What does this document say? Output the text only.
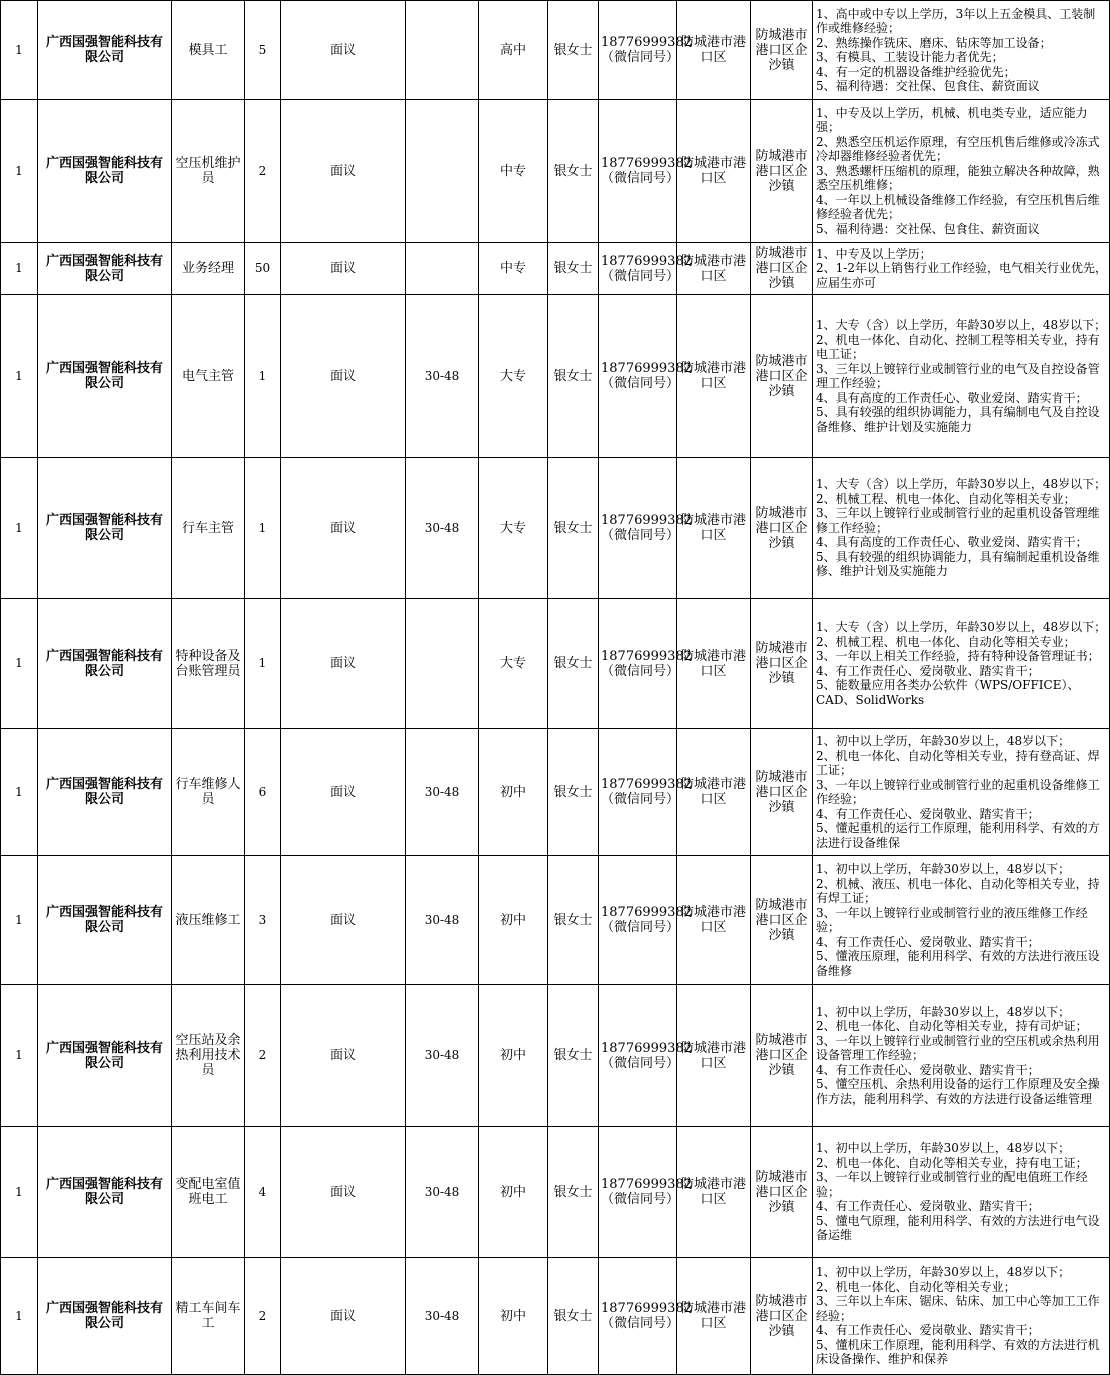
1	广西国强智能科技有限公司	模具工	5	面议		高中	银女士	18776999382（微信同号）	防城港市港口区	防城港市港口区企沙镇	1、高中或中专以上学历，3年以上五金模具、工装制作或维修经验；
2、熟练操作铣床、磨床、钻床等加工设备；
3、有模具、工装设计能力者优先；
4、有一定的机器设备维护经验优先；
5、福利待遇：交社保、包食住、薪资面议

1	广西国强智能科技有限公司	空压机维护员	2	面议		中专	银女士	18776999382（微信同号）	防城港市港口区	防城港市港口区企沙镇	1、中专及以上学历，机械、机电类专业，适应能力强；
2、熟悉空压机运作原理，有空压机售后维修或冷冻式冷却器维修经验者优先；
3、熟悉螺杆压缩机的原理，能独立解决各种故障，熟悉空压机维修；
4、一年以上机械设备维修工作经验，有空压机售后维修经验者优先；
5、福利待遇：交社保、包食住、薪资面议

1	广西国强智能科技有限公司	业务经理	50	面议		中专	银女士	18776999382（微信同号）	防城港市港口区	防城港市港口区企沙镇	1、中专及以上学历；
2、1-2年以上销售行业工作经验，电气相关行业优先，应届生亦可

1	广西国强智能科技有限公司	电气主管	1	面议	30-48	大专	银女士	18776999382（微信同号）	防城港市港口区	防城港市港口区企沙镇	1、大专（含）以上学历，年龄30岁以上，48岁以下；
2、机电一体化、自动化、控制工程等相关专业，持有电工证；
3、三年以上镀锌行业或制管行业的电气及自控设备管理工作经验；
4、具有高度的工作责任心、敬业爱岗、踏实肯干；
5、具有较强的组织协调能力，具有编制电气及自控设备维修、维护计划及实施能力

1	广西国强智能科技有限公司	行车主管	1	面议	30-48	大专	银女士	18776999382（微信同号）	防城港市港口区	防城港市港口区企沙镇	1、大专（含）以上学历，年龄30岁以上，48岁以下；
2、机械工程、机电一体化、自动化等相关专业；
3、三年以上镀锌行业或制管行业的起重机设备管理维修工作经验；
4、具有高度的工作责任心、敬业爱岗、踏实肯干；
5、具有较强的组织协调能力，具有编制起重机设备维修、维护计划及实施能力

1	广西国强智能科技有限公司	特种设备及台账管理员	1	面议		大专	银女士	18776999382（微信同号）	防城港市港口区	防城港市港口区企沙镇	1、大专（含）以上学历，年龄30岁以上，48岁以下；
2、机械工程、机电一体化、自动化等相关专业；
3、一年以上相关工作经验，持有特种设备管理证书；
4、有工作责任心、爱岗敬业、踏实肯干；
5、能数量应用各类办公软件（WPS/OFFICE）、CAD、SolidWorks

1	广西国强智能科技有限公司	行车维修人员	6	面议	30-48	初中	银女士	18776999382（微信同号）	防城港市港口区	防城港市港口区企沙镇	1、初中以上学历，年龄30岁以上，48岁以下；
2、机电一体化、自动化等相关专业，持有登高证、焊工证；
3、一年以上镀锌行业或制管行业的起重机设备维修工作经验；
4、有工作责任心、爱岗敬业、踏实肯干；
5、懂起重机的运行工作原理，能利用科学、有效的方法进行设备维保

1	广西国强智能科技有限公司	液压维修工	3	面议	30-48	初中	银女士	18776999382（微信同号）	防城港市港口区	防城港市港口区企沙镇	1、初中以上学历，年龄30岁以上，48岁以下；
2、机械、液压、机电一体化、自动化等相关专业，持有焊工证；
3、一年以上镀锌行业或制管行业的液压维修工作经验；
4、有工作责任心、爱岗敬业、踏实肯干；
5、懂液压原理，能利用科学、有效的方法进行液压设备维修

1	广西国强智能科技有限公司	空压站及余热利用技术员	2	面议	30-48	初中	银女士	18776999382（微信同号）	防城港市港口区	防城港市港口区企沙镇	1、初中以上学历，年龄30岁以上，48岁以下；
2、机电一体化、自动化等相关专业，持有司炉证；
3、一年以上镀锌行业或制管行业的空压机或余热利用设备管理工作经验；
4、有工作责任心、爱岗敬业、踏实肯干；
5、懂空压机、余热利用设备的运行工作原理及安全操作方法，能利用科学、有效的方法进行设备运维管理

1	广西国强智能科技有限公司	变配电室值班电工	4	面议	30-48	初中	银女士	18776999382（微信同号）	防城港市港口区	防城港市港口区企沙镇	1、初中以上学历，年龄30岁以上，48岁以下；
2、机电一体化、自动化等相关专业，持有电工证；
3、一年以上镀锌行业或制管行业的配电值班工作经验；
4、有工作责任心、爱岗敬业、踏实肯干；
5、懂电气原理，能利用科学、有效的方法进行电气设备运维

1	广西国强智能科技有限公司	精工车间车工	2	面议	30-48	初中	银女士	18776999382（微信同号）	防城港市港口区	防城港市港口区企沙镇	1、初中以上学历，年龄30岁以上，48岁以下；
2、机电一体化、自动化等相关专业；
3、三年以上车床、锯床、钻床、加工中心等加工工作经验；
4、有工作责任心、爱岗敬业、踏实肯干；
5、懂机床工作原理，能利用科学、有效的方法进行机床设备操作、维护和保养
